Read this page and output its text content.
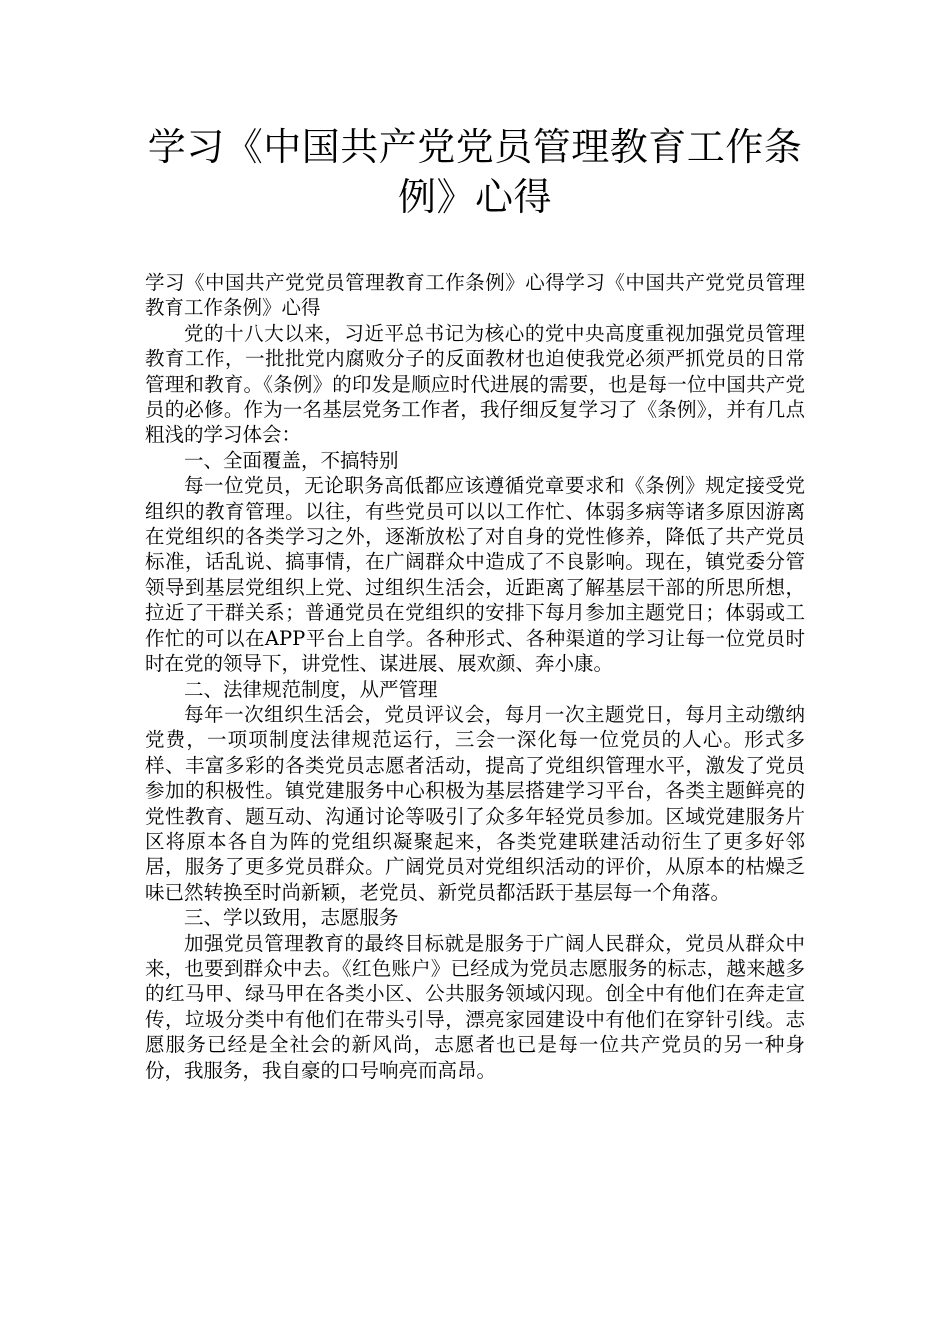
学习《中国共产党党员管理教育工作条例》心得

学习《中国共产党党员管理教育工作条例》心得学习《中国共产党党员管理教育工作条例》心得

党的十八大以来，习近平总书记为核心的党中央高度重视加强党员管理教育工作，一批批党内腐败分子的反面教材也迫使我党必须严抓党员的日常管理和教育。《条例》的印发是顺应时代进展的需要，也是每一位中国共产党员的必修。作为一名基层党务工作者，我仔细反复学习了《条例》，并有几点粗浅的学习体会：

一、全面覆盖，不搞特别

每一位党员，无论职务高低都应该遵循党章要求和《条例》规定接受党组织的教育管理。以往，有些党员可以以工作忙、体弱多病等诸多原因游离在党组织的各类学习之外，逐渐放松了对自身的党性修养，降低了共产党员标准，话乱说、搞事情，在广阔群众中造成了不良影响。现在，镇党委分管领导到基层党组织上党、过组织生活会，近距离了解基层干部的所思所想，拉近了干群关系；普通党员在党组织的安排下每月参加主题党日；体弱或工作忙的可以在APP平台上自学。各种形式、各种渠道的学习让每一位党员时时在党的领导下，讲党性、谋进展、展欢颜、奔小康。

二、法律规范制度，从严管理

每年一次组织生活会，党员评议会，每月一次主题党日，每月主动缴纳党费，一项项制度法律规范运行，三会一深化每一位党员的人心。形式多样、丰富多彩的各类党员志愿者活动，提高了党组织管理水平，激发了党员参加的积极性。镇党建服务中心积极为基层搭建学习平台，各类主题鲜亮的党性教育、题互动、沟通讨论等吸引了众多年轻党员参加。区域党建服务片区将原本各自为阵的党组织凝聚起来，各类党建联建活动衍生了更多好邻居，服务了更多党员群众。广阔党员对党组织活动的评价，从原本的枯燥乏味已然转换至时尚新颖，老党员、新党员都活跃于基层每一个角落。

三、学以致用，志愿服务

加强党员管理教育的最终目标就是服务于广阔人民群众，党员从群众中来，也要到群众中去。《红色账户》已经成为党员志愿服务的标志，越来越多的红马甲、绿马甲在各类小区、公共服务领域闪现。创全中有他们在奔走宣传，垃圾分类中有他们在带头引导，漂亮家园建设中有他们在穿针引线。志愿服务已经是全社会的新风尚，志愿者也已是每一位共产党员的另一种身份，我服务，我自豪的口号响亮而高昂。
